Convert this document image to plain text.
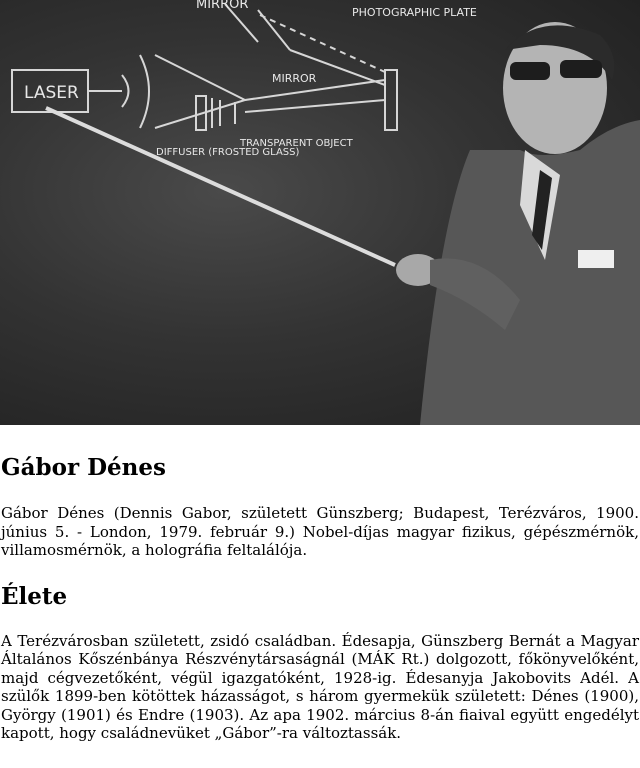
LASER
MIRROR
PHOTOGRAPHIC PLATE
MIRROR
DIFFUSER (FROSTED GLASS)
TRANSPARENT OBJECT
Gábor Dénes

Gábor Dénes (Dennis Gabor, született Günszberg; Budapest, Terézváros, 1900. június 5. - London, 1979. február 9.) Nobel-díjas magyar fizikus, gépészmérnök, villamosmérnök, a holográfia feltalálója.

Élete

A Terézvárosban született, zsidó családban. Édesapja, Günszberg Bernát a Magyar Általános Kőszénbánya Részvénytársaságnál (MÁK Rt.) dolgozott, főkönyvelőként, majd cégvezetőként, végül igazgatóként, 1928-ig. Édesanyja Jakobovits Adél. A szülők 1899-ben kötöttek házasságot, s három gyermekük született: Dénes (1900), György (1901) és Endre (1903). Az apa 1902. március 8-án fiaival együtt engedélyt kapott, hogy családnevüket „Gábor”-ra változtassák.
